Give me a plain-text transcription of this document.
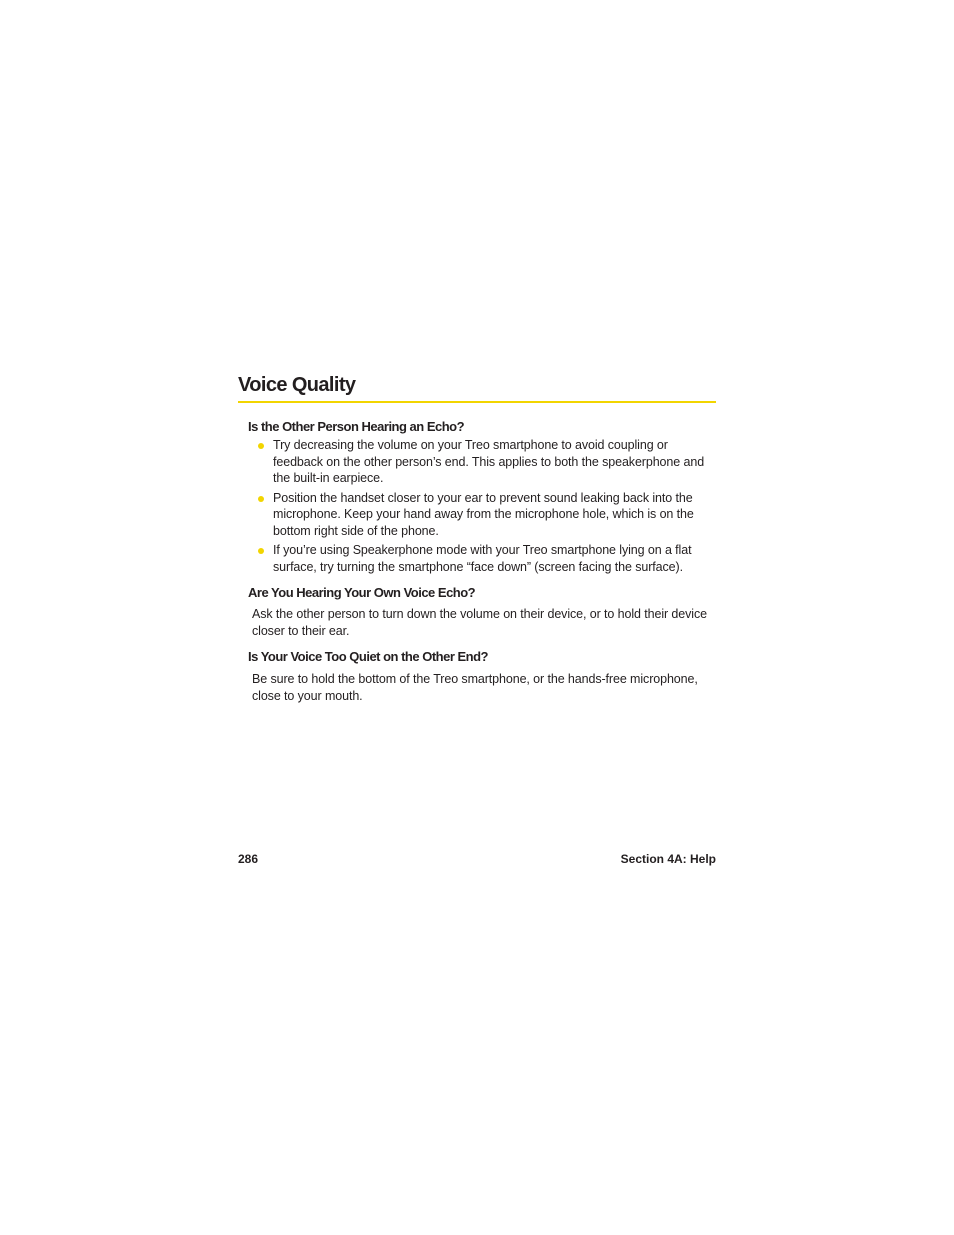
Voice Quality
Is the Other Person Hearing an Echo?
Try decreasing the volume on your Treo smartphone to avoid coupling or feedback on the other person’s end. This applies to both the speakerphone and the built-in earpiece.
Position the handset closer to your ear to prevent sound leaking back into the microphone. Keep your hand away from the microphone hole, which is on the bottom right side of the phone.
If you’re using Speakerphone mode with your Treo smartphone lying on a flat surface, try turning the smartphone “face down” (screen facing the surface).
Are You Hearing Your Own Voice Echo?

Ask the other person to turn down the volume on their device, or to hold their device closer to their ear.

Is Your Voice Too Quiet on the Other End?

Be sure to hold the bottom of the Treo smartphone, or the hands-free microphone, close to your mouth.

286	Section 4A: Help
